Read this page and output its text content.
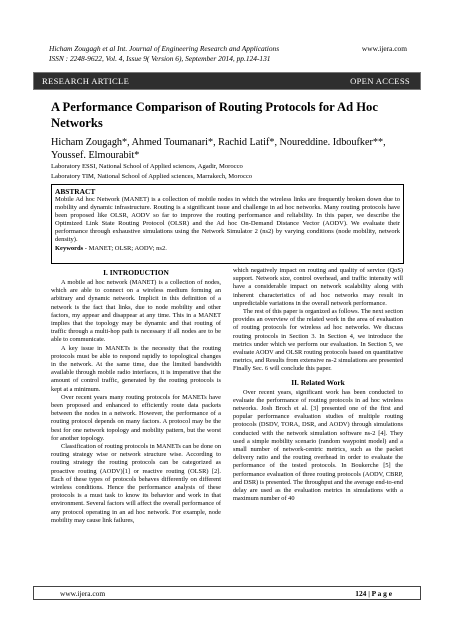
Hicham Zougagh et al Int. Journal of Engineering Research and Applications
ISSN : 2248-9622, Vol. 4, Issue 9( Version 6), September 2014, pp.124-131
www.ijera.com
RESEARCH ARTICLE	OPEN ACCESS
A Performance Comparison of Routing Protocols for Ad Hoc Networks
Hicham Zougagh*, Ahmed Toumanari*, Rachid Latif*, Noureddine. Idboufker**, Youssef. Elmourabit*
Laboratory ESSI, National School of Applied sciences, Agadir, Morocco
Laboratory TIM, National School of Applied sciences, Marrakech, Morocco
ABSTRACT
Mobile Ad hoc Network (MANET) is a collection of mobile nodes in which the wireless links are frequently broken down due to mobility and dynamic infrastructure. Routing is a significant issue and challenge in ad hoc networks. Many routing protocols have been proposed like OLSR, AODV so far to improve the routing performance and reliability. In this paper, we describe the Optimized Link State Routing Protocol (OLSR) and the Ad hoc On-Demand Distance Vector (AODV). We evaluate their performance through exhaustive simulations using the Network Simulator 2 (ns2) by varying conditions (node mobility, network density).
Keywords - MANET; OLSR; AODV; ns2.
I. INTRODUCTION

A mobile ad hoc network (MANET) is a collection of nodes, which are able to connect on a wireless medium forming an arbitrary and dynamic network. Implicit in this definition of a network is the fact that links, due to node mobility and other factors, my appear and disappear at any time. This in a MANET implies that the topology may be dynamic and that routing of traffic through a multi-hop path is necessary if all nodes are to be able to communicate.

A key issue in MANETs is the necessity that the routing protocols must be able to respond rapidly to topological changes in the network. At the same time, due the limited bandwidth available through mobile radio interfaces, it is imperative that the amount of control traffic, generated by the routing protocols is kept at a minimum.

Over recent years many routing protocols for MANETs have been proposed and enhanced to efficiently route data packets between the nodes in a network. However, the performance of a routing protocol depends on many factors. A protocol may be the best for one network topology and mobility pattern, but the worst for another topology.

Classification of routing protocols in MANETs can be done on routing strategy wise or network structure wise. According to routing strategy the routing protocols can be categorized as proactive routing (AODV)[1] or reactive routing (OLSR) [2]. Each of these types of protocols behaves differently on different wireless conditions. Hence the performance analysis of these protocols is a must task to know its behavior and work in that environment. Several factors will affect the overall performance of any protocol operating in an ad hoc network. For example, node mobility may cause link failures,

which negatively impact on routing and quality of service (QoS) support. Network size, control overhead, and traffic intensity will have a considerable impact on network scalability along with inherent characteristics of ad hoc networks may result in unpredictable variations in the overall network performance.

The rest of this paper is organized as follows. The next section provides an overview of the related work in the area of evaluation of routing protocols for wireless ad hoc networks. We discuss routing protocols in Section 3. In Section 4, we introduce the metrics under which we perform our evaluation. In Section 5, we evaluate AODV and OLSR routing protocols based on quantitative metrics, and Results from extensive ns-2 simulations are presented Finally Sec. 6 will conclude this paper.

II. Related Work

Over recent years, significant work has been conducted to evaluate the performance of routing protocols in ad hoc wireless networks. Josh Broch et al. [3] presented one of the first and popular performance evaluation studies of multiple routing protocols (DSDV, TORA, DSR, and AODV) through simulations conducted with the network simulation software ns-2 [4]. They used a simple mobility scenario (random waypoint model) and a small number of network-centric metrics, such as the packet delivery ratio and the routing overhead in order to evaluate the performance of the tested protocols. In Boukerche [5] the performance evaluation of three routing protocols (AODV, CBRP, and DSR) is presented. The throughput and the average end-to-end delay are used as the evaluation metrics in simulations with a maximum number of 40

www.ijera.com	124 | P a g e
